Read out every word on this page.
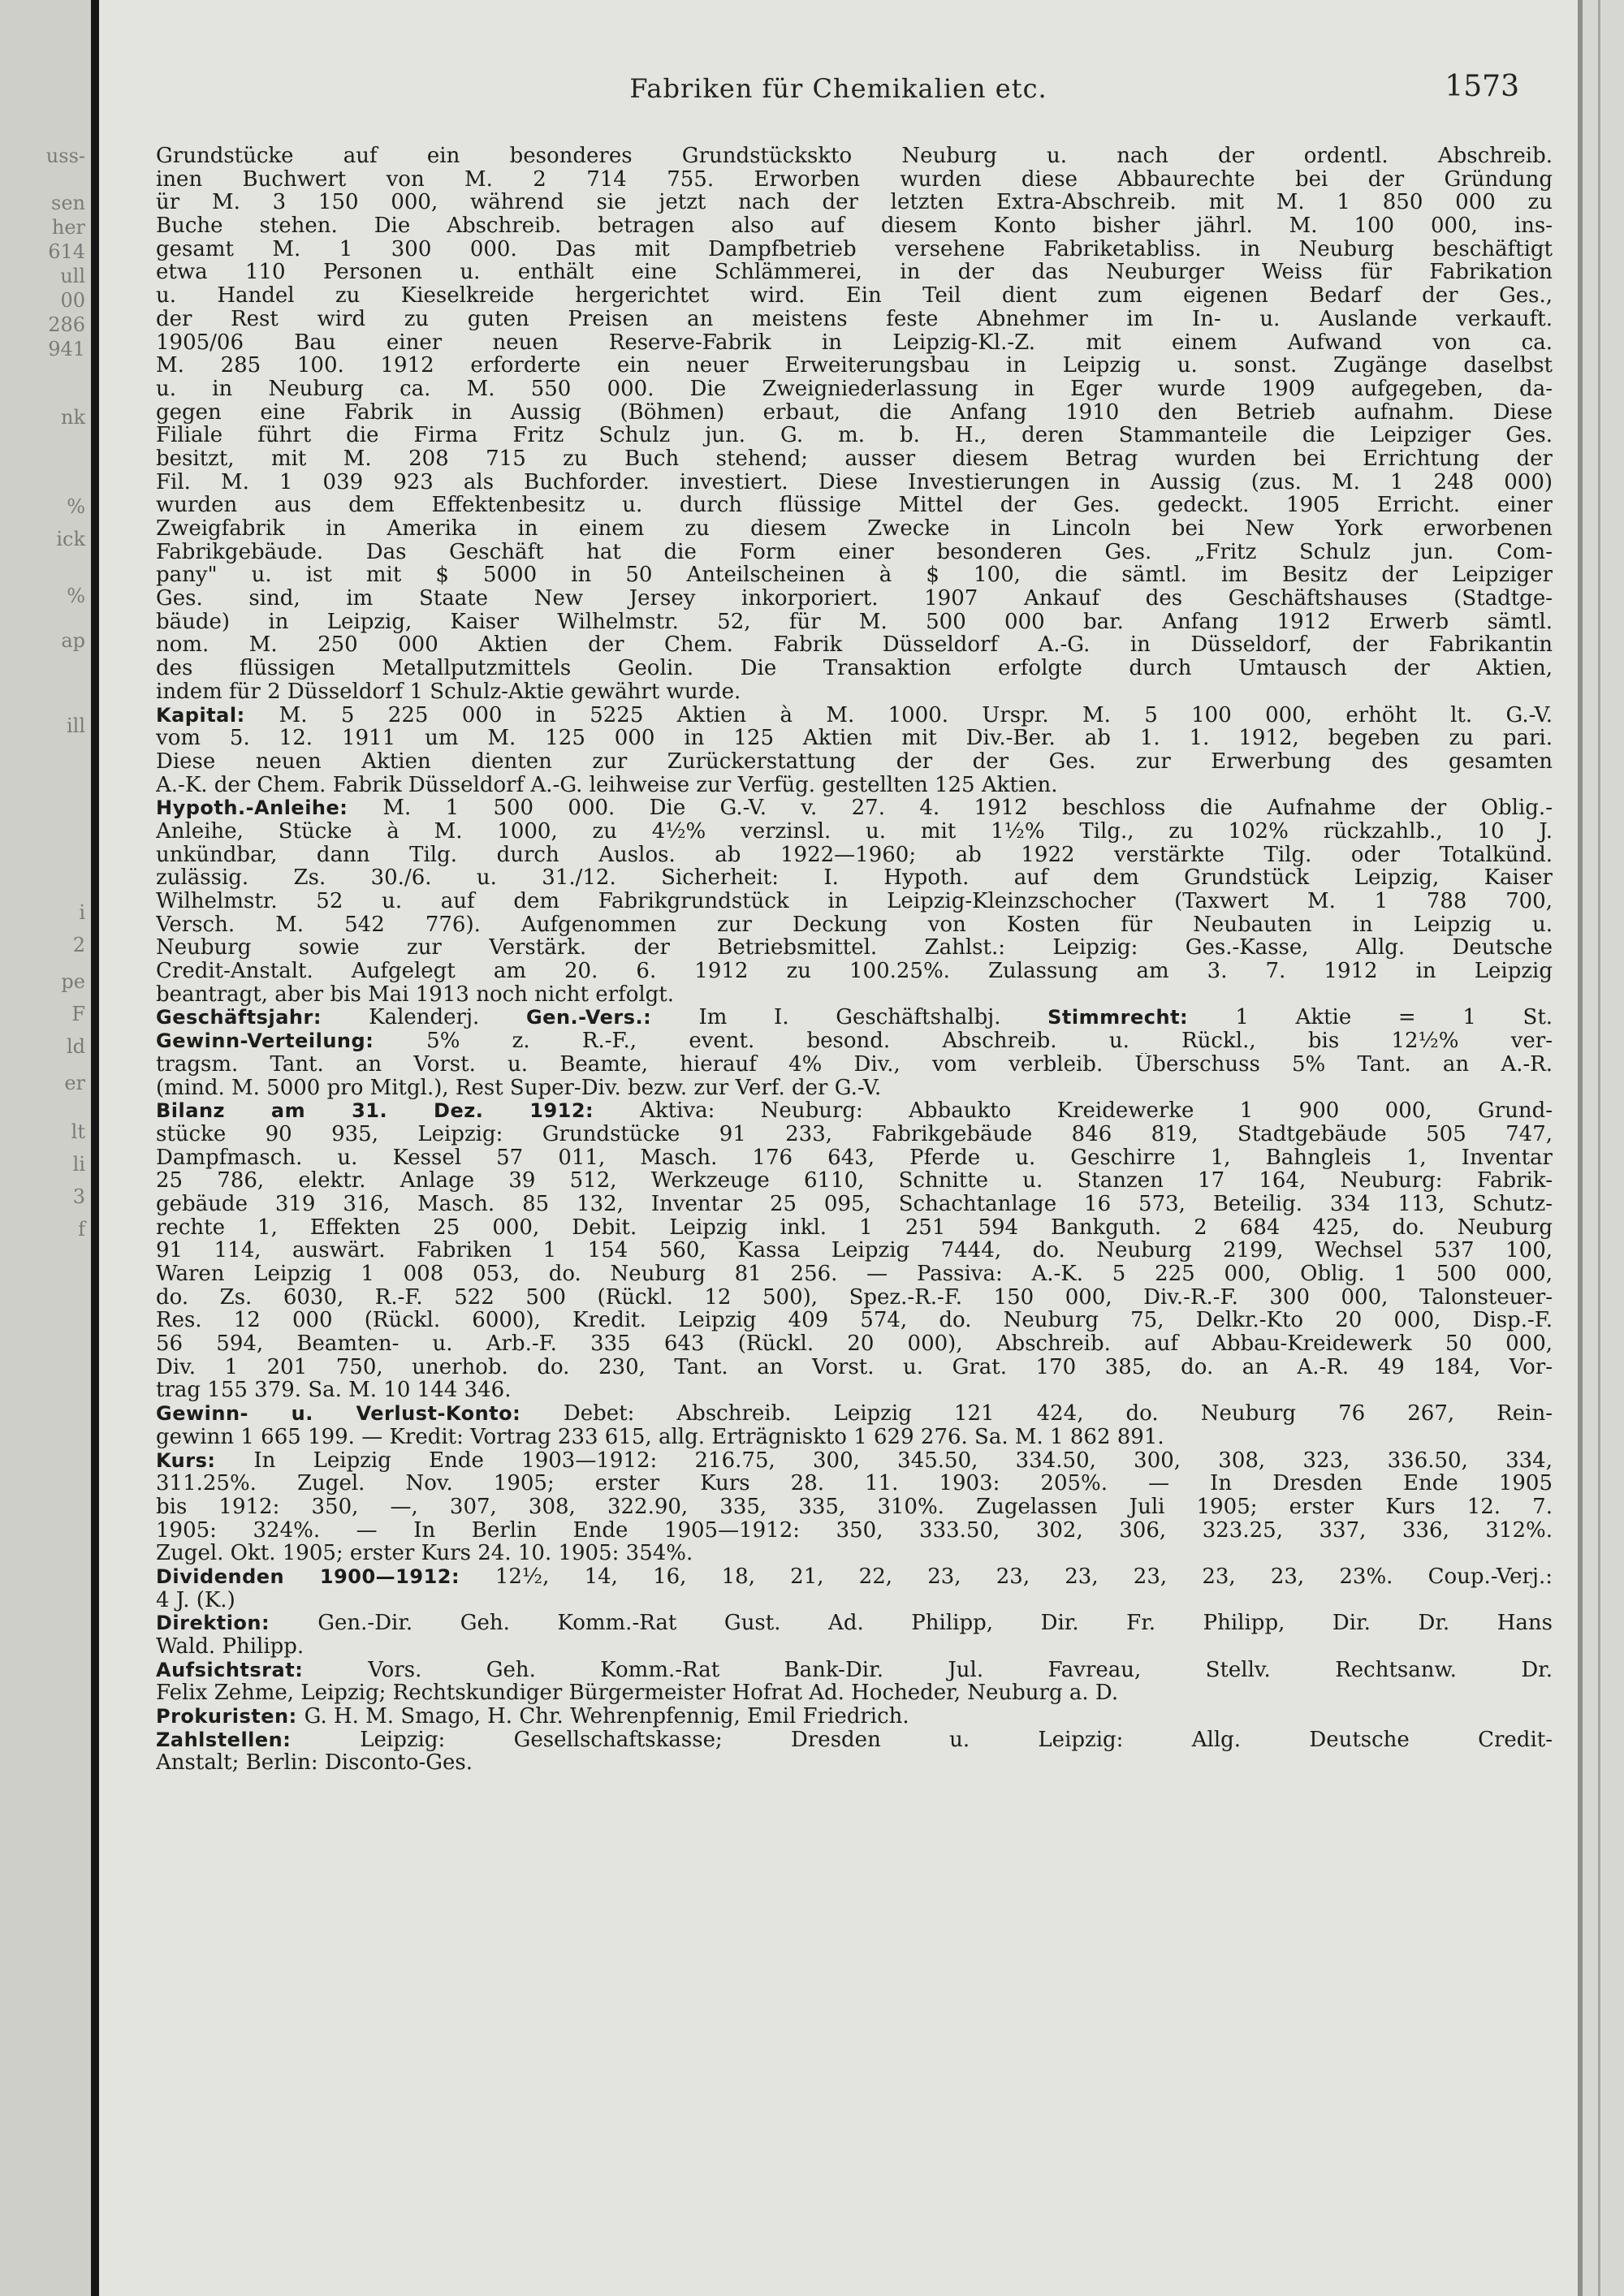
uss-
sen
her
614
ull
00
286
941
nk
%
ick
%
ap
ill
i
2
pe
F
ld
er
lt
li
3
f
Fabriken für Chemikalien etc.	1573
Grundstücke auf ein besonderes Grundstückskto Neuburg u. nach der ordentl. Abschreib.
inen Buchwert von M. 2 714 755. Erworben wurden diese Abbaurechte bei der Gründung
ür M. 3 150 000, während sie jetzt nach der letzten Extra-Abschreib. mit M. 1 850 000 zu
Buche stehen. Die Abschreib. betragen also auf diesem Konto bisher jährl. M. 100 000, ins-
gesamt M. 1 300 000. Das mit Dampfbetrieb versehene Fabriketabliss. in Neuburg beschäftigt
etwa 110 Personen u. enthält eine Schlämmerei, in der das Neuburger Weiss für Fabrikation
u. Handel zu Kieselkreide hergerichtet wird. Ein Teil dient zum eigenen Bedarf der Ges.,
der Rest wird zu guten Preisen an meistens feste Abnehmer im In- u. Auslande verkauft.
1905/06 Bau einer neuen Reserve-Fabrik in Leipzig-Kl.-Z. mit einem Aufwand von ca.
M. 285 100. 1912 erforderte ein neuer Erweiterungsbau in Leipzig u. sonst. Zugänge daselbst
u. in Neuburg ca. M. 550 000. Die Zweigniederlassung in Eger wurde 1909 aufgegeben, da-
gegen eine Fabrik in Aussig (Böhmen) erbaut, die Anfang 1910 den Betrieb aufnahm. Diese
Filiale führt die Firma Fritz Schulz jun. G. m. b. H., deren Stammanteile die Leipziger Ges.
besitzt, mit M. 208 715 zu Buch stehend; ausser diesem Betrag wurden bei Errichtung der
Fil. M. 1 039 923 als Buchforder. investiert. Diese Investierungen in Aussig (zus. M. 1 248 000)
wurden aus dem Effektenbesitz u. durch flüssige Mittel der Ges. gedeckt. 1905 Erricht. einer
Zweigfabrik in Amerika in einem zu diesem Zwecke in Lincoln bei New York erworbenen
Fabrikgebäude. Das Geschäft hat die Form einer besonderen Ges. „Fritz Schulz jun. Com-
pany" u. ist mit $ 5000 in 50 Anteilscheinen à $ 100, die sämtl. im Besitz der Leipziger
Ges. sind, im Staate New Jersey inkorporiert. 1907 Ankauf des Geschäftshauses (Stadtge-
bäude) in Leipzig, Kaiser Wilhelmstr. 52, für M. 500 000 bar. Anfang 1912 Erwerb sämtl.
nom. M. 250 000 Aktien der Chem. Fabrik Düsseldorf A.-G. in Düsseldorf, der Fabrikantin
des flüssigen Metallputzmittels Geolin. Die Transaktion erfolgte durch Umtausch der Aktien,
indem für 2 Düsseldorf 1 Schulz-Aktie gewährt wurde.
Kapital: M. 5 225 000 in 5225 Aktien à M. 1000. Urspr. M. 5 100 000, erhöht lt. G.-V.
vom 5. 12. 1911 um M. 125 000 in 125 Aktien mit Div.-Ber. ab 1. 1. 1912, begeben zu pari.
Diese neuen Aktien dienten zur Zurückerstattung der der Ges. zur Erwerbung des gesamten
A.-K. der Chem. Fabrik Düsseldorf A.-G. leihweise zur Verfüg. gestellten 125 Aktien.
Hypoth.-Anleihe: M. 1 500 000. Die G.-V. v. 27. 4. 1912 beschloss die Aufnahme der Oblig.-
Anleihe, Stücke à M. 1000, zu 4½% verzinsl. u. mit 1½% Tilg., zu 102% rückzahlb., 10 J.
unkündbar, dann Tilg. durch Auslos. ab 1922—1960; ab 1922 verstärkte Tilg. oder Totalkünd.
zulässig. Zs. 30./6. u. 31./12. Sicherheit: I. Hypoth. auf dem Grundstück Leipzig, Kaiser
Wilhelmstr. 52 u. auf dem Fabrikgrundstück in Leipzig-Kleinzschocher (Taxwert M. 1 788 700,
Versch. M. 542 776). Aufgenommen zur Deckung von Kosten für Neubauten in Leipzig u.
Neuburg sowie zur Verstärk. der Betriebsmittel. Zahlst.: Leipzig: Ges.-Kasse, Allg. Deutsche
Credit-Anstalt. Aufgelegt am 20. 6. 1912 zu 100.25%. Zulassung am 3. 7. 1912 in Leipzig
beantragt, aber bis Mai 1913 noch nicht erfolgt.
Geschäftsjahr: Kalenderj. Gen.-Vers.: Im I. Geschäftshalbj. Stimmrecht: 1 Aktie = 1 St.
Gewinn-Verteilung: 5% z. R.-F., event. besond. Abschreib. u. Rückl., bis 12½% ver-
tragsm. Tant. an Vorst. u. Beamte, hierauf 4% Div., vom verbleib. Überschuss 5% Tant. an A.-R.
(mind. M. 5000 pro Mitgl.), Rest Super-Div. bezw. zur Verf. der G.-V.
Bilanz am 31. Dez. 1912: Aktiva: Neuburg: Abbaukto Kreidewerke 1 900 000, Grund-
stücke 90 935, Leipzig: Grundstücke 91 233, Fabrikgebäude 846 819, Stadtgebäude 505 747,
Dampfmasch. u. Kessel 57 011, Masch. 176 643, Pferde u. Geschirre 1, Bahngleis 1, Inventar
25 786, elektr. Anlage 39 512, Werkzeuge 6110, Schnitte u. Stanzen 17 164, Neuburg: Fabrik-
gebäude 319 316, Masch. 85 132, Inventar 25 095, Schachtanlage 16 573, Beteilig. 334 113, Schutz-
rechte 1, Effekten 25 000, Debit. Leipzig inkl. 1 251 594 Bankguth. 2 684 425, do. Neuburg
91 114, auswärt. Fabriken 1 154 560, Kassa Leipzig 7444, do. Neuburg 2199, Wechsel 537 100,
Waren Leipzig 1 008 053, do. Neuburg 81 256. — Passiva: A.-K. 5 225 000, Oblig. 1 500 000,
do. Zs. 6030, R.-F. 522 500 (Rückl. 12 500), Spez.-R.-F. 150 000, Div.-R.-F. 300 000, Talonsteuer-
Res. 12 000 (Rückl. 6000), Kredit. Leipzig 409 574, do. Neuburg 75, Delkr.-Kto 20 000, Disp.-F.
56 594, Beamten- u. Arb.-F. 335 643 (Rückl. 20 000), Abschreib. auf Abbau-Kreidewerk 50 000,
Div. 1 201 750, unerhob. do. 230, Tant. an Vorst. u. Grat. 170 385, do. an A.-R. 49 184, Vor-
trag 155 379. Sa. M. 10 144 346.
Gewinn- u. Verlust-Konto: Debet: Abschreib. Leipzig 121 424, do. Neuburg 76 267, Rein-
gewinn 1 665 199. — Kredit: Vortrag 233 615, allg. Erträgniskto 1 629 276. Sa. M. 1 862 891.
Kurs: In Leipzig Ende 1903—1912: 216.75, 300, 345.50, 334.50, 300, 308, 323, 336.50, 334,
311.25%. Zugel. Nov. 1905; erster Kurs 28. 11. 1903: 205%. — In Dresden Ende 1905
bis 1912: 350, —, 307, 308, 322.90, 335, 335, 310%. Zugelassen Juli 1905; erster Kurs 12. 7.
1905: 324%. — In Berlin Ende 1905—1912: 350, 333.50, 302, 306, 323.25, 337, 336, 312%.
Zugel. Okt. 1905; erster Kurs 24. 10. 1905: 354%.
Dividenden 1900—1912: 12½, 14, 16, 18, 21, 22, 23, 23, 23, 23, 23, 23, 23%. Coup.-Verj.:
4 J. (K.)
Direktion: Gen.-Dir. Geh. Komm.-Rat Gust. Ad. Philipp, Dir. Fr. Philipp, Dir. Dr. Hans
Wald. Philipp.
Aufsichtsrat: Vors. Geh. Komm.-Rat Bank-Dir. Jul. Favreau, Stellv. Rechtsanw. Dr.
Felix Zehme, Leipzig; Rechtskundiger Bürgermeister Hofrat Ad. Hocheder, Neuburg a. D.
Prokuristen: G. H. M. Smago, H. Chr. Wehrenpfennig, Emil Friedrich.
Zahlstellen: Leipzig: Gesellschaftskasse; Dresden u. Leipzig: Allg. Deutsche Credit-
Anstalt; Berlin: Disconto-Ges.
